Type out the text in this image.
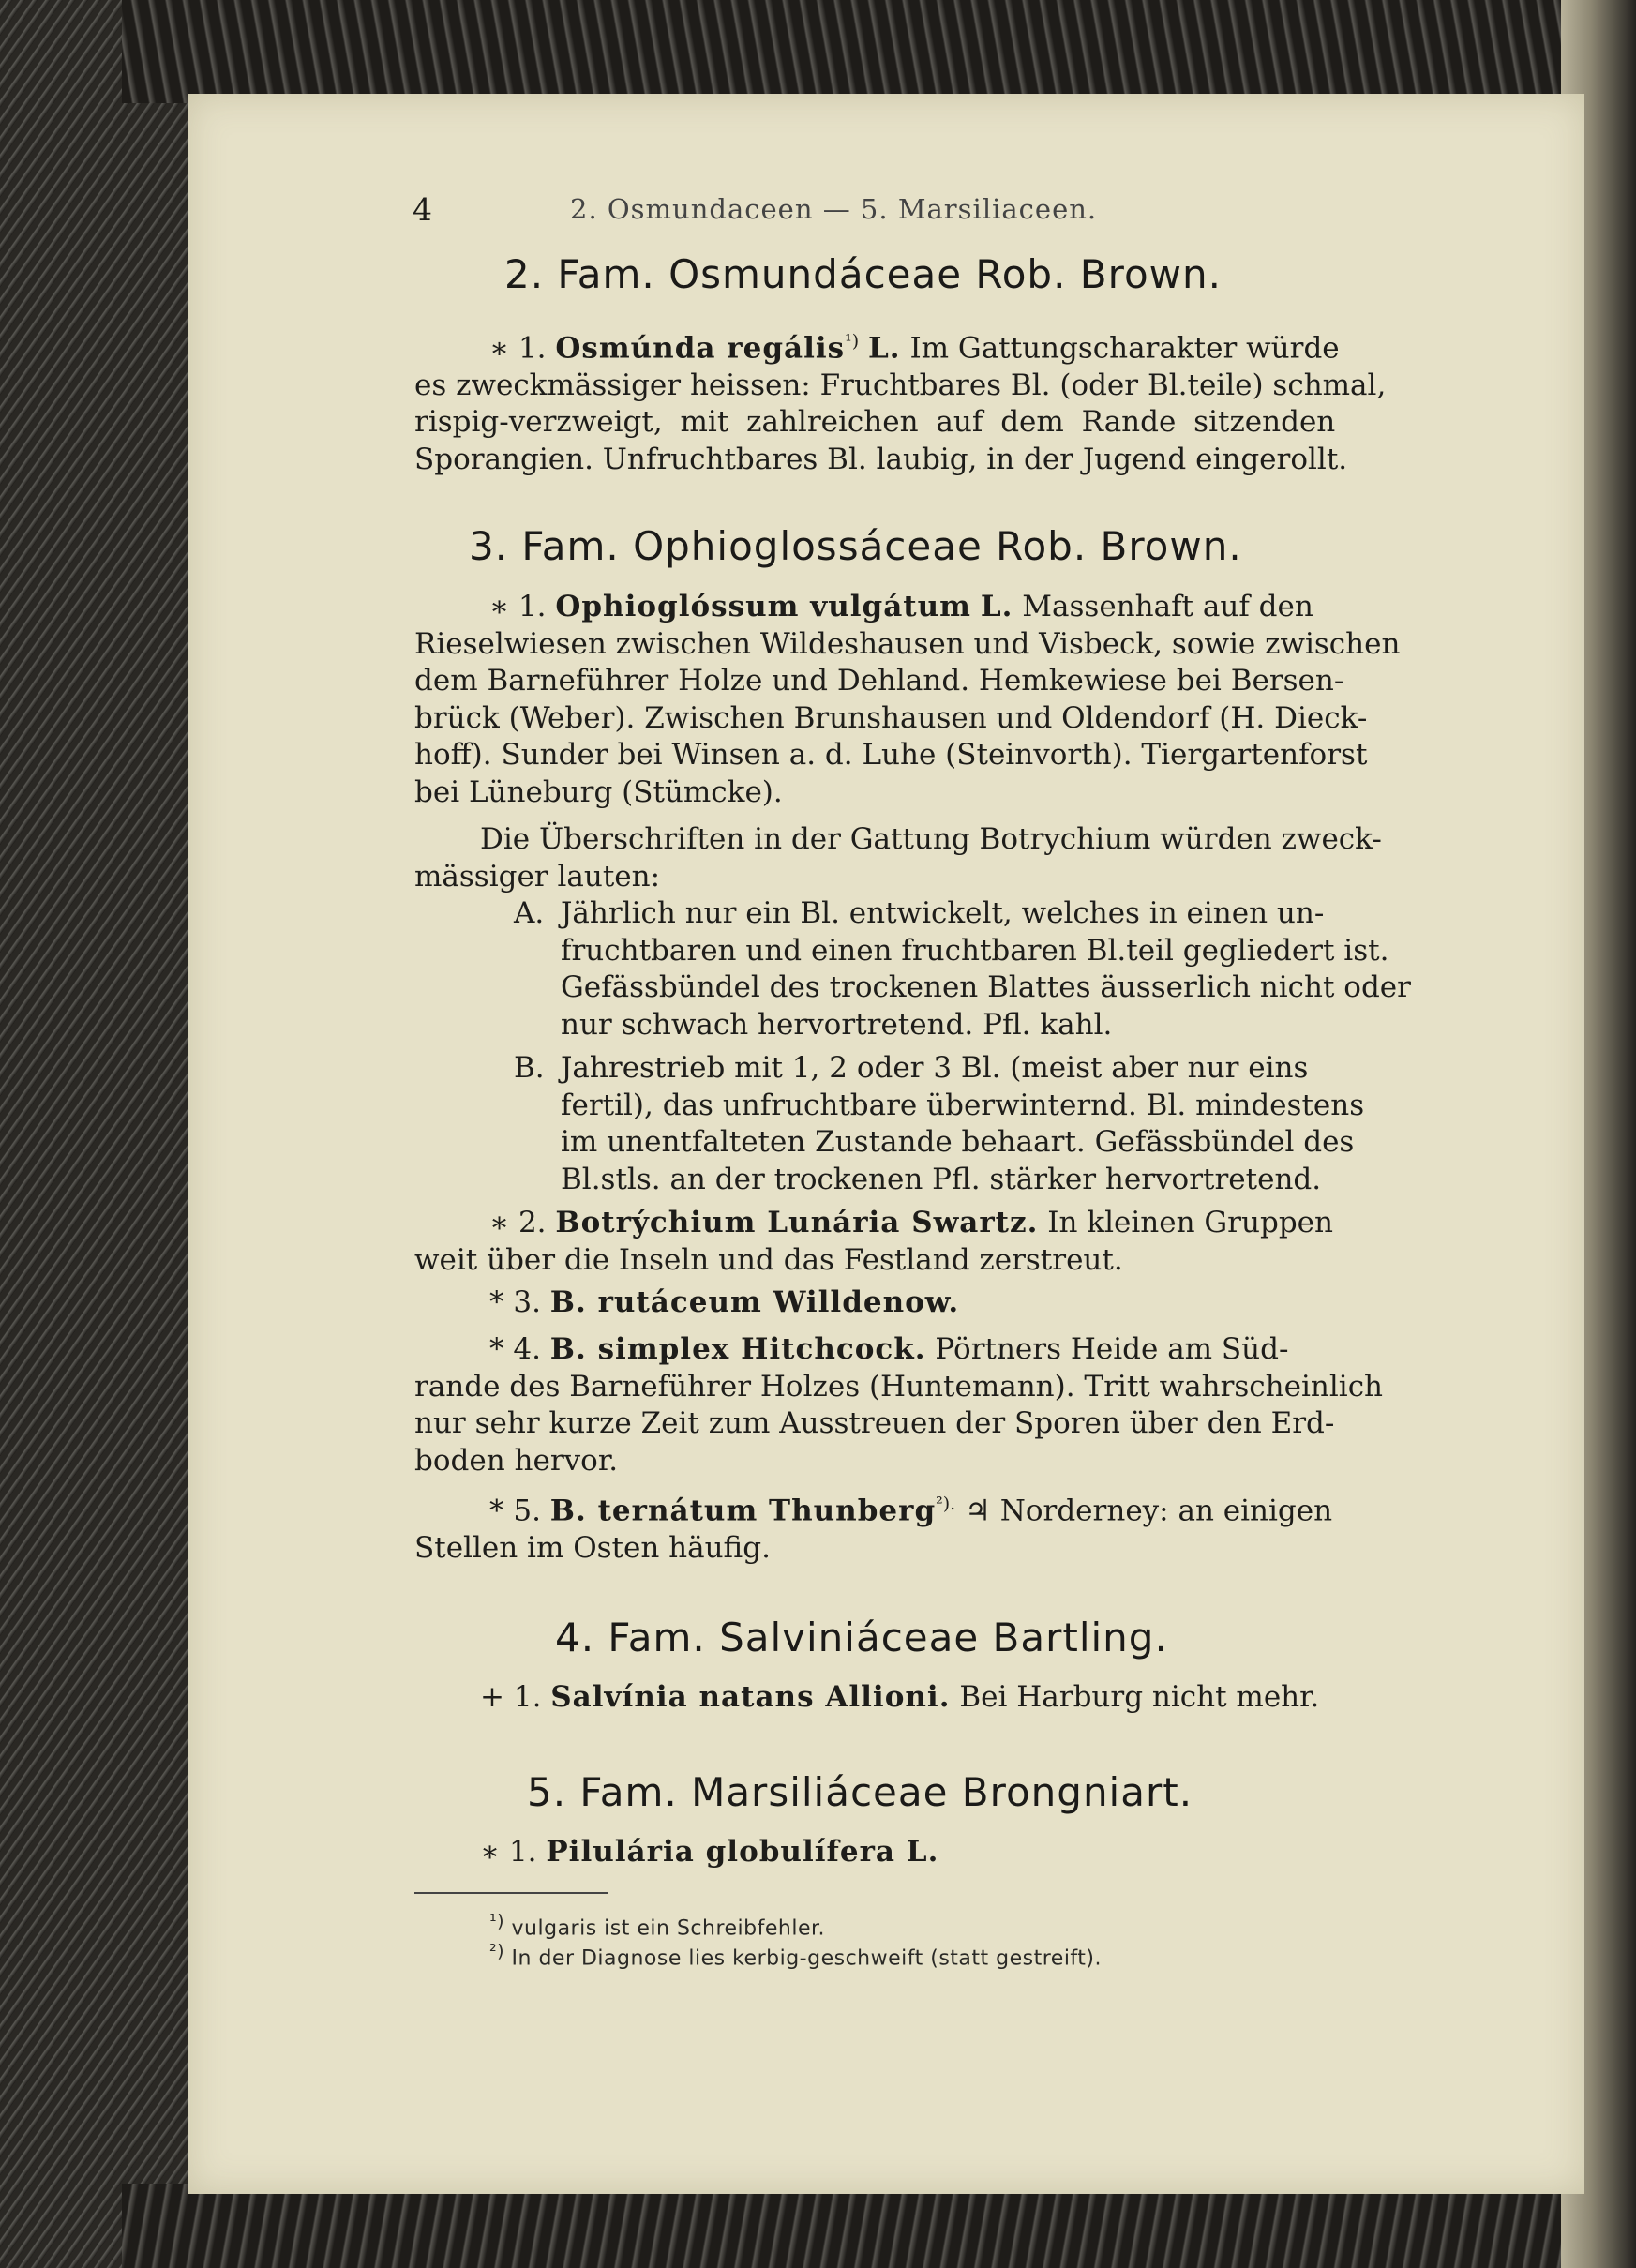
4	2. Osmundaceen — 5. Marsiliaceen.
2. Fam. Osmundáceae Rob. Brown.
∗ 1. Osmúnda regális$^{^1)}$ L. Im Gattungscharakter würde
es zweckmässiger heissen: Fruchtbares Bl. (oder Bl.teile) schmal,
rispig-verzweigt, mit zahlreichen auf dem Rande sitzenden
Sporangien. Unfruchtbares Bl. laubig, in der Jugend eingerollt.
3. Fam. Ophioglossáceae Rob. Brown.
∗ 1. Ophioglóssum vulgátum L. Massenhaft auf den
Rieselwiesen zwischen Wildeshausen und Visbeck, sowie zwischen
dem Barneführer Holze und Dehland. Hemkewiese bei Bersen-
brück (Weber). Zwischen Brunshausen und Oldendorf (H. Dieck-
hoff). Sunder bei Winsen a. d. Luhe (Steinvorth). Tiergartenforst
bei Lüneburg (Stümcke).
Die Überschriften in der Gattung Botrychium würden zweck-
mässiger lauten:
A. Jährlich nur ein Bl. entwickelt, welches in einen un-
fruchtbaren und einen fruchtbaren Bl.teil gegliedert ist.
Gefässbündel des trockenen Blattes äusserlich nicht oder
nur schwach hervortretend. Pfl. kahl.
B. Jahrestrieb mit 1, 2 oder 3 Bl. (meist aber nur eins
fertil), das unfruchtbare überwinternd. Bl. mindestens
im unentfalteten Zustande behaart. Gefässbündel des
Bl.stls. an der trockenen Pfl. stärker hervortretend.
∗ 2. Botrýchium Lunária Swartz. In kleinen Gruppen
weit über die Inseln und das Festland zerstreut.
* 3. B. rutáceum Willdenow.
* 4. B. simplex Hitchcock. Pörtners Heide am Süd-
rande des Barneführer Holzes (Huntemann). Tritt wahrscheinlich
nur sehr kurze Zeit zum Ausstreuen der Sporen über den Erd-
boden hervor.
* 5. B. ternátum Thunberg$^{^2).}$ ♃ Norderney: an einigen
Stellen im Osten häufig.
4. Fam. Salviniáceae Bartling.
+ 1. Salvínia natans Allioni. Bei Harburg nicht mehr.
5. Fam. Marsiliáceae Brongniart.
∗ 1. Pilulária globulífera L.
$^{^1)}$ vulgaris ist ein Schreibfehler.
$^{^2)}$ In der Diagnose lies kerbig-geschweift (statt gestreift).
